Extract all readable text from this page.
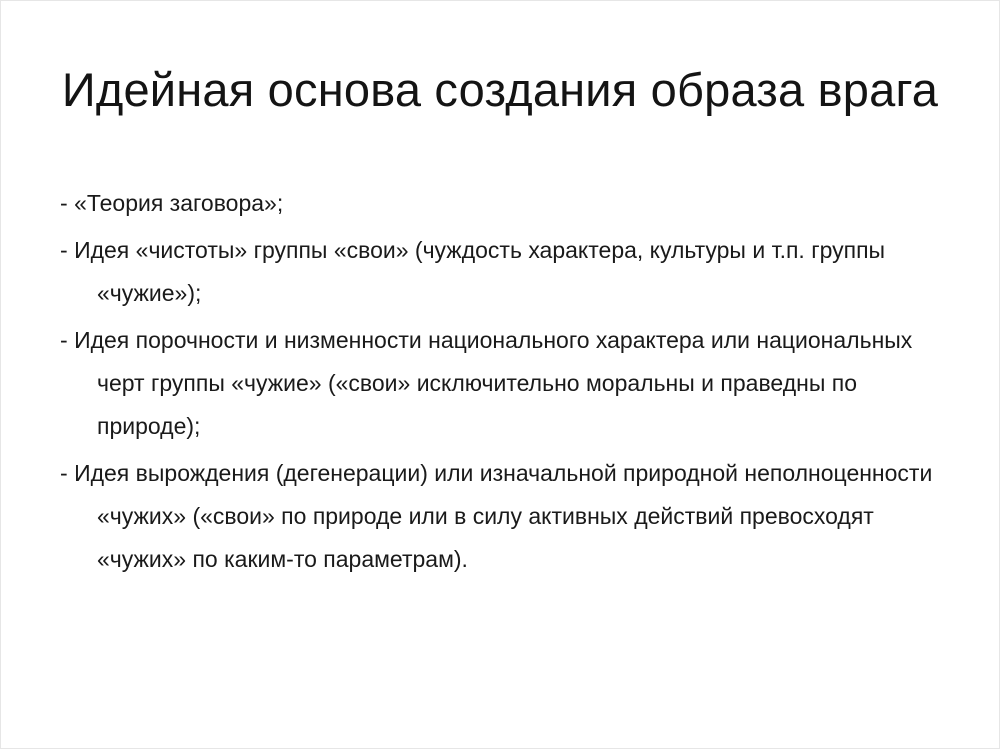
Идейная основа создания образа врага
- «Теория заговора»;
- Идея «чистоты» группы «свои» (чуждость характера, культуры и т.п. группы «чужие»);
- Идея порочности и низменности национального характера или национальных черт группы «чужие» («свои» исключительно моральны и праведны по природе);
- Идея вырождения (дегенерации) или изначальной природной неполноценности «чужих» («свои» по природе или в силу активных действий превосходят «чужих» по каким-то параметрам).
